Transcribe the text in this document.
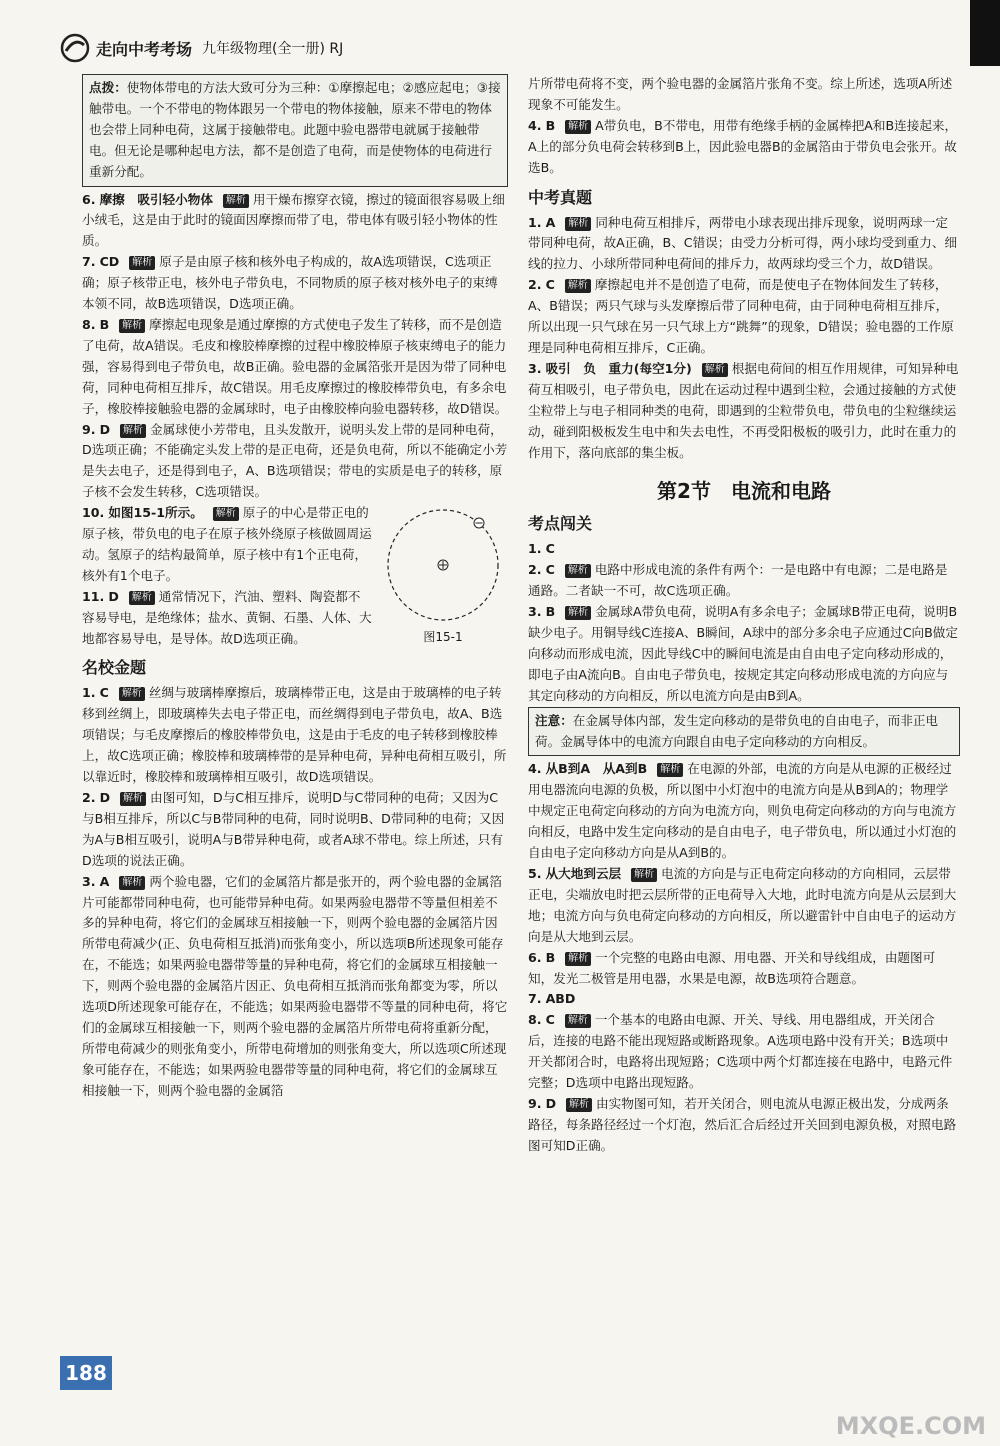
走向中考考场 九年级物理(全一册) RJ
点拨：使物体带电的方法大致可分为三种：①摩擦起电；②感应起电；③接触带电。一个不带电的物体跟另一个带电的物体接触，原来不带电的物体也会带上同种电荷，这属于接触带电。此题中验电器带电就属于接触带电。但无论是哪种起电方法，都不是创造了电荷，而是使物体的电荷进行重新分配。

6. 摩擦　吸引轻小物体 解析 用干燥布擦穿衣镜，擦过的镜面很容易吸上细小绒毛，这是由于此时的镜面因摩擦而带了电，带电体有吸引轻小物体的性质。

7. CD 解析 原子是由原子核和核外电子构成的，故A选项错误，C选项正确；原子核带正电，核外电子带负电，不同物质的原子核对核外电子的束缚本领不同，故B选项错误，D选项正确。

8. B 解析 摩擦起电现象是通过摩擦的方式使电子发生了转移，而不是创造了电荷，故A错误。毛皮和橡胶棒摩擦的过程中橡胶棒原子核束缚电子的能力强，容易得到电子带负电，故B正确。验电器的金属箔张开是因为带了同种电荷，同种电荷相互排斥，故C错误。用毛皮摩擦过的橡胶棒带负电，有多余电子，橡胶棒接触验电器的金属球时，电子由橡胶棒向验电器转移，故D错误。

9. D 解析 金属球使小芳带电，且头发散开，说明头发上带的是同种电荷，D选项正确；不能确定头发上带的是正电荷，还是负电荷，所以不能确定小芳是失去电子，还是得到电子，A、B选项错误；带电的实质是电子的转移，原子核不会发生转移，C选项错误。

10. 如图15-1所示。 解析 原子的中心是带正电的原子核，带负电的电子在原子核外绕原子核做圆周运动。氢原子的结构最简单，原子核中有1个正电荷，核外有1个电子。

11. D 解析 通常情况下，汽油、塑料、陶瓷都不容易导电，是绝缘体；盐水、黄铜、石墨、人体、大地都容易导电，是导体。故D选项正确。	图15-1
名校金题

1. C 解析 丝绸与玻璃棒摩擦后，玻璃棒带正电，这是由于玻璃棒的电子转移到丝绸上，即玻璃棒失去电子带正电，而丝绸得到电子带负电，故A、B选项错误；与毛皮摩擦后的橡胶棒带负电，这是由于毛皮的电子转移到橡胶棒上，故C选项正确；橡胶棒和玻璃棒带的是异种电荷，异种电荷相互吸引，所以靠近时，橡胶棒和玻璃棒相互吸引，故D选项错误。

2. D 解析 由图可知，D与C相互排斥，说明D与C带同种的电荷；又因为C与B相互排斥，所以C与B带同种的电荷，同时说明B、D带同种的电荷；又因为A与B相互吸引，说明A与B带异种电荷，或者A球不带电。综上所述，只有D选项的说法正确。

3. A 解析 两个验电器，它们的金属箔片都是张开的，两个验电器的金属箔片可能都带同种电荷，也可能带异种电荷。如果两验电器带不等量但相差不多的异种电荷，将它们的金属球互相接触一下，则两个验电器的金属箔片因所带电荷减少(正、负电荷相互抵消)而张角变小，所以选项B所述现象可能存在，不能选；如果两验电器带等量的异种电荷，将它们的金属球互相接触一下，则两个验电器的金属箔片因正、负电荷相互抵消而张角都变为零，所以选项D所述现象可能存在，不能选；如果两验电器带不等量的同种电荷，将它们的金属球互相接触一下，则两个验电器的金属箔片所带电荷将重新分配，所带电荷减少的则张角变小，所带电荷增加的则张角变大，所以选项C所述现象可能存在，不能选；如果两验电器带等量的同种电荷，将它们的金属球互相接触一下，则两个验电器的金属箔

片所带电荷将不变，两个验电器的金属箔片张角不变。综上所述，选项A所述现象不可能发生。

4. B 解析 A带负电，B不带电，用带有绝缘手柄的金属棒把A和B连接起来，A上的部分负电荷会转移到B上，因此验电器B的金属箔由于带负电会张开。故选B。

中考真题

1. A 解析 同种电荷互相排斥，两带电小球表现出排斥现象，说明两球一定带同种电荷，故A正确，B、C错误；由受力分析可得，两小球均受到重力、细线的拉力、小球所带同种电荷间的排斥力，故两球均受三个力，故D错误。

2. C 解析 摩擦起电并不是创造了电荷，而是使电子在物体间发生了转移，A、B错误；两只气球与头发摩擦后带了同种电荷，由于同种电荷相互排斥，所以出现一只气球在另一只气球上方“跳舞”的现象，D错误；验电器的工作原理是同种电荷相互排斥，C正确。

3. 吸引　负　重力(每空1分) 解析 根据电荷间的相互作用规律，可知异种电荷互相吸引，电子带负电，因此在运动过程中遇到尘粒，会通过接触的方式使尘粒带上与电子相同种类的电荷，即遇到的尘粒带负电，带负电的尘粒继续运动，碰到阳极板发生电中和失去电性，不再受阳极板的吸引力，此时在重力的作用下，落向底部的集尘板。

第2节　电流和电路
考点闯关

1. C

2. C 解析 电路中形成电流的条件有两个：一是电路中有电源；二是电路是通路。二者缺一不可，故C选项正确。

3. B 解析 金属球A带负电荷，说明A有多余电子；金属球B带正电荷，说明B缺少电子。用铜导线C连接A、B瞬间，A球中的部分多余电子应通过C向B做定向移动而形成电流，因此导线C中的瞬间电流是由自由电子定向移动形成的，即电子由A流向B。自由电子带负电，按规定其定向移动形成电流的方向应与其定向移动的方向相反，所以电流方向是由B到A。

注意：在金属导体内部，发生定向移动的是带负电的自由电子，而非正电荷。金属导体中的电流方向跟自由电子定向移动的方向相反。

4. 从B到A　从A到B 解析 在电源的外部，电流的方向是从电源的正极经过用电器流向电源的负极，所以图中小灯泡中的电流方向是从B到A的；物理学中规定正电荷定向移动的方向为电流方向，则负电荷定向移动的方向与电流方向相反，电路中发生定向移动的是自由电子，电子带负电，所以通过小灯泡的自由电子定向移动方向是从A到B的。

5. 从大地到云层 解析 电流的方向是与正电荷定向移动的方向相同，云层带正电，尖端放电时把云层所带的正电荷导入大地，此时电流方向是从云层到大地；电流方向与负电荷定向移动的方向相反，所以避雷针中自由电子的运动方向是从大地到云层。

6. B 解析 一个完整的电路由电源、用电器、开关和导线组成，由题图可知，发光二极管是用电器，水果是电源，故B选项符合题意。

7. ABD

8. C 解析 一个基本的电路由电源、开关、导线、用电器组成，开关闭合后，连接的电路不能出现短路或断路现象。A选项电路中没有开关；B选项中开关都闭合时，电路将出现短路；C选项中两个灯都连接在电路中，电路元件完整；D选项中电路出现短路。

9. D 解析 由实物图可知，若开关闭合，则电流从电源正极出发，分成两条路径，每条路径经过一个灯泡，然后汇合后经过开关回到电源负极，对照电路图可知D正确。

188
MXQE.COM
